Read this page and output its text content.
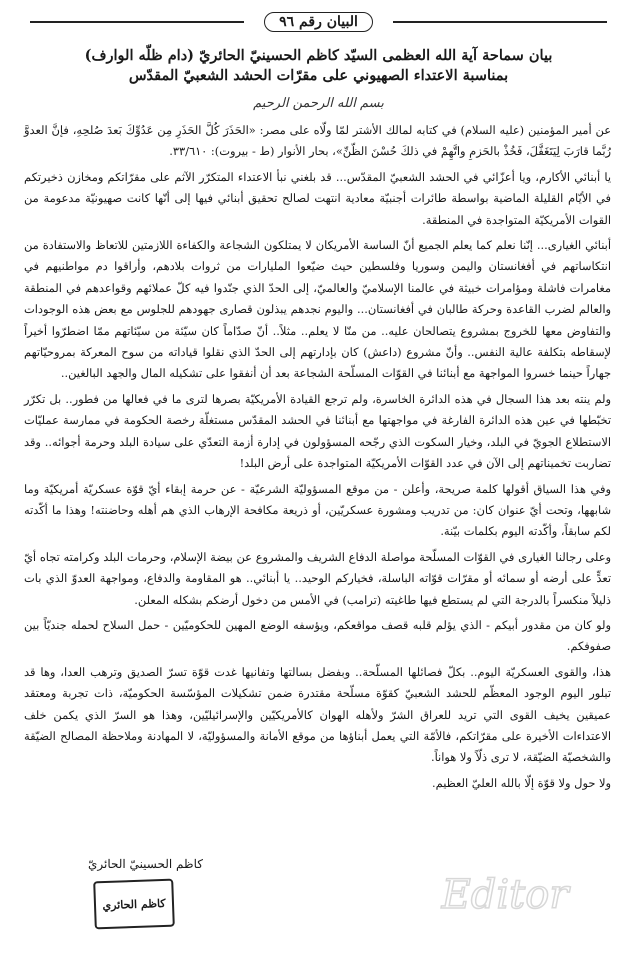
البيان رقم ٩٦
بيان سماحة آية الله العظمى السيّد كاظم الحسينيّ الحائريّ (دام ظلّه الوارف)
بمناسبة الاعتداء الصهيوني على مقرّات الحشد الشعبيّ المقدّس
بسم الله الرحمن الرحيم

عن أمير المؤمنين (عليه السلام) في كتابه لمالك الأشتر لمّا ولّاه على مصر: «الحَذَرَ كُلَّ الحَذَرِ مِن عَدُوِّكَ بَعدَ صُلحِهِ، فإنَّ العدوَّ رُبَّما قارَبَ لِيَتَغَفَّلَ، فَخُذْ بالحَزمِ واتَّهِمْ في ذلكَ حُسْنَ الظّنِّ»، بحار الأنوار (ط - بيروت): ٣٣/٦١٠.

يا أبنائي الأكارم، ويا أعزّائي في الحشد الشعبيّ المقدّس... قد بلغني نبأ الاعتداء المتكرّر الآثم على مقرّاتكم ومخازن ذخيرتكم في الأيّام القليلة الماضية بواسطة طائرات أجنبيّة معادية انتهت لصالح تحقيق أبنائي فيها إلى أنّها كانت صهيونيّة مدعومة من القوات الأمريكيّة المتواجدة في المنطقة.

أبنائي الغيارى... إنّنا نعلم كما يعلم الجميع أنّ الساسة الأمريكان لا يمتلكون الشجاعة والكفاءة اللازمتين للاتعاظ والاستفادة من انتكاساتهم في أفغانستان واليمن وسوريا وفلسطين حيث ضيّعوا المليارات من ثروات بلادهم، وأراقوا دم مواطنيهم في مغامرات فاشلة ومؤامرات خبيثة في عالمنا الإسلاميّ والعالميّ، إلى الحدّ الذي جنّدوا فيه كلّ عملائهم وقواعدهم في المنطقة والعالم لضرب القاعدة وحركة طالبان في أفغانستان... واليوم نجدهم يبذلون قصارى جهودهم للجلوس مع بعض هذه الوجودات والتفاوض معها للخروج بمشروع يتصالحان عليه.. من منّا لا يعلم.. مثلاً.. أنّ صدّاماً كان سيّئة من سيّئاتهم ممّا اضطرّوا أخيراً لإسقاطه بتكلفة عالية النفس.. وأنّ مشروع (داعش) كان بإدارتهم إلى الحدّ الذي نقلوا قياداته من سوح المعركة بمروحيّاتهم جهاراً حينما خسروا المواجهة مع أبنائنا في القوّات المسلّحة الشجاعة بعد أن أنفقوا على تشكيله المال والجهد البالغين..

ولم ينته بعد هذا السجال في هذه الدائرة الخاسرة، ولم ترجع القيادة الأمريكيّة بصرها لترى ما في فعالها من فطور.. بل تكرّر تخبّطها في عين هذه الدائرة الفارغة في مواجهتها مع أبنائنا في الحشد المقدّس مستغلّة رخصة الحكومة في ممارسة عمليّات الاستطلاع الجويّ في البلد، وخيار السكوت الذي رجّحه المسؤولون في إدارة أزمة التعدّي على سيادة البلد وحرمة أجوائه.. وقد تضاربت تخميناتهم إلى الآن في عدد القوّات الأمريكيّة المتواجدة على أرض البلد!

وفي هذا السياق أقولها كلمة صريحة، وأعلن - من موقع المسؤوليّة الشرعيّة - عن حرمة إبقاء أيّ قوّة عسكريّة أمريكيّة وما شابهها، وتحت أيّ عنوان كان: من تدريب ومشورة عسكريّين، أو ذريعة مكافحة الإرهاب الذي هم أهله وحاضنته! وهذا ما أكّدته لكم سابقاً، وأكّدته اليوم بكلمات بيّنة.

وعلى رجالنا الغيارى في القوّات المسلّحة مواصلة الدفاع الشريف والمشروع عن بيضة الإسلام، وحرمات البلد وكرامته تجاه أيّ تعدٍّ على أرضه أو سمائه أو مقرّات قوّاته الباسلة، فخياركم الوحيد.. يا أبنائي.. هو المقاومة والدفاع، ومواجهة العدوّ الذي بات ذليلاً منكسراً بالدرجة التي لم يستطع فيها طاغيته (ترامب) في الأمس من دخول أرضكم بشكله المعلن.

ولو كان من مقدور أبيكم - الذي يؤلم قلبه قصف مواقعكم، ويؤسفه الوضع المهين للحكوميّين - حمل السلاح لحمله جنديّاً بين صفوفكم.

هذا، والقوى العسكريّة اليوم.. بكلّ فصائلها المسلّحة.. وبفضل بسالتها وتفانيها غدت قوّة تسرّ الصديق وترهب العدا، وها قد تبلور اليوم الوجود المعظّم للحشد الشعبيّ كقوّة مسلّحة مقتدرة ضمن تشكيلات المؤسّسة الحكوميّة، ذات تجربة ومعتقد عميقين يخيف القوى التي تريد للعراق الشرّ ولأهله الهوان كالأمريكيّين والإسرائيليّين، وهذا هو السرّ الذي يكمن خلف الاعتداءات الأخيرة على مقرّاتكم، فالأمّة التي يعمل أبناؤها من موقع الأمانة والمسؤوليّة، لا المهادنة وملاحظة المصالح الضيّقة والشخصيّة الضيّقة، لا ترى ذلّاً ولا هواناً.

ولا حول ولا قوّة إلّا بالله العليّ العظيم.

كاظم الحسينيّ الحائريّ
كاظم الحائري	Editor
